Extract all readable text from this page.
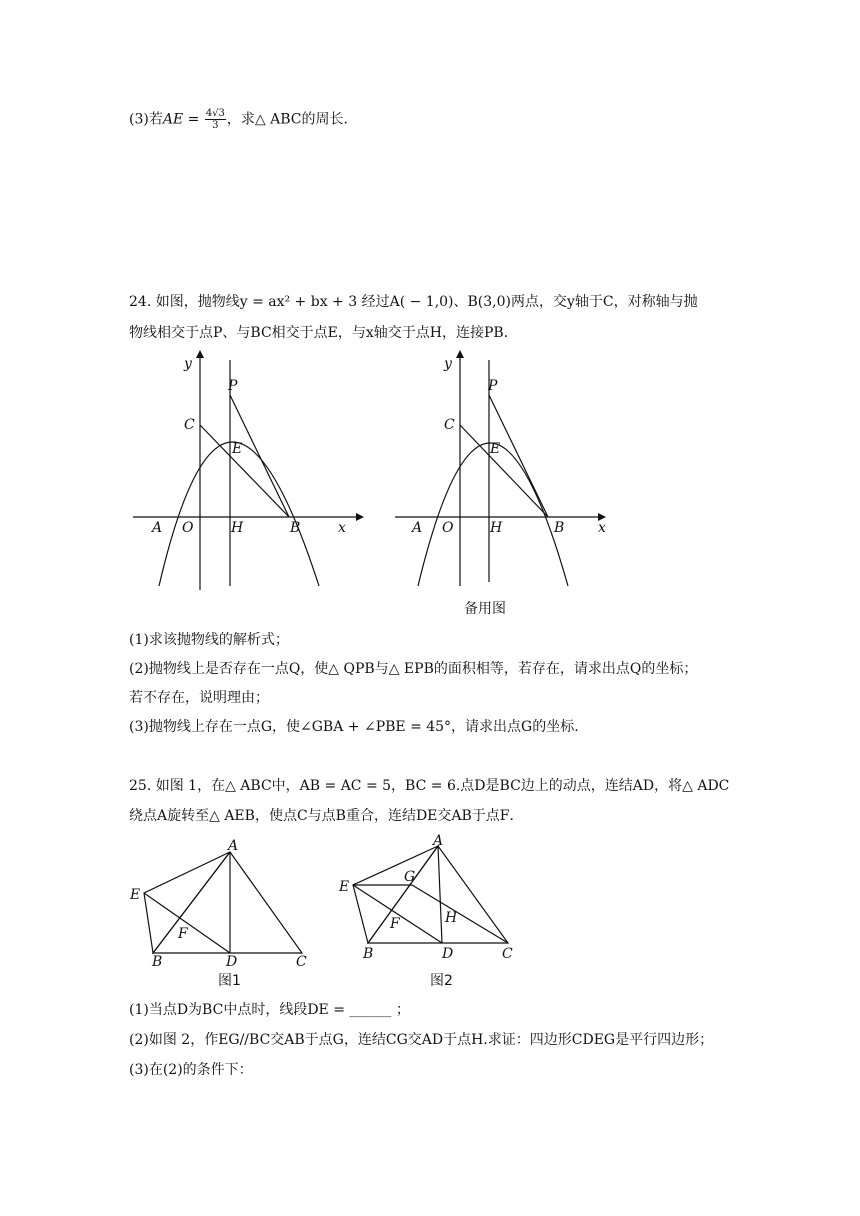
(3)若AE = $\frac{4√3}{3}$ ，求△ ABC的周长．
24. 如图，抛物线y = ax² + bx + 3 经过A( − 1,0)、B(3,0)两点，交y轴于C，对称轴与抛
物线相交于点P、与BC相交于点E，与x轴交于点H，连接PB．
y
P
C
E
A O	H	B	x
y
P
C
E
A O	H	B x
备用图
(1)求该抛物线的解析式；
(2)抛物线上是否存在一点Q，使△ QPB与△ EPB的面积相等，若存在，请求出点Q的坐标；
若不存在，说明理由；
(3)抛物线上存在一点G，使∠GBA + ∠PBE = 45°，请求出点G的坐标.
25. 如图 1，在△ ABC中，AB = AC = 5，BC = 6.点D是BC边上的动点，连结AD，将△ ADC
绕点A旋转至△ AEB，使点C与点B重合，连结DE交AB于点F．
A
E
F
B	D	C
图1
A
E
G
F	H
B	D	C
图2
(1)当点D为BC中点时，线段DE = ______ ；
(2)如图 2，作EG//BC交AB于点G，连结CG交AD于点H.求证：四边形CDEG是平行四边形；
(3)在(2)的条件下：
